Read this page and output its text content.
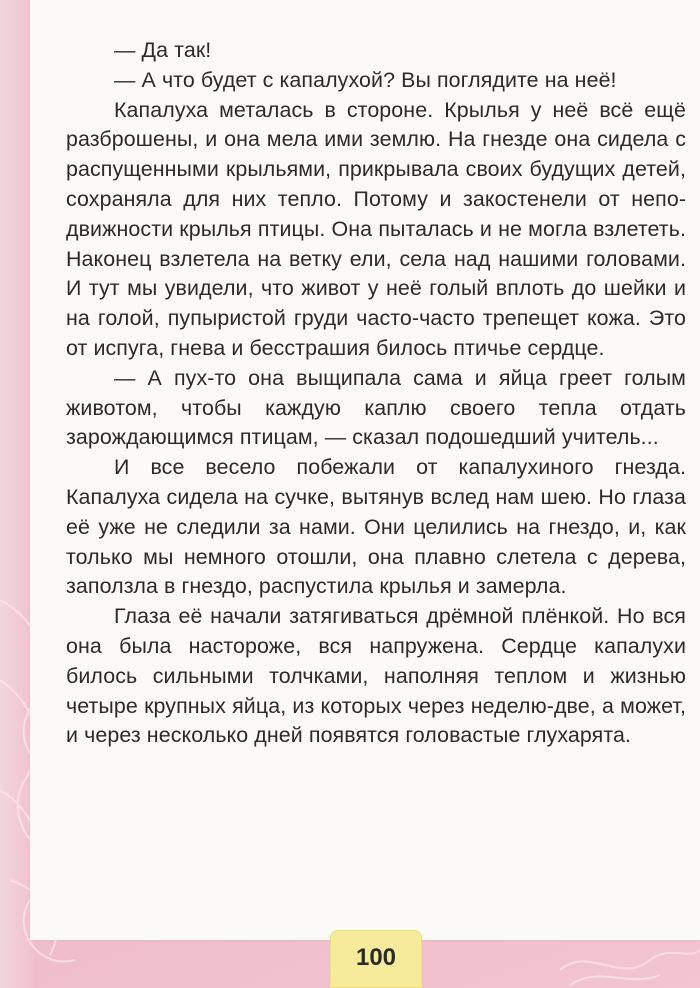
— Да так!

— А что будет с капалухой? Вы поглядите на неё!

Капалуха металась в стороне. Крылья у неё всё ещё разброшены, и она мела ими землю. На гнезде она сидела с распущенными крыльями, прикрывала своих будущих детей, сохраняла для них тепло. Потому и закостенели от неподвижности крылья птицы. Она пыталась и не могла взлететь. Наконец взлетела на ветку ели, села над нашими головами. И тут мы увидели, что живот у неё голый вплоть до шейки и на голой, пупыристой груди часто-часто трепещет кожа. Это от испуга, гнева и бесстрашия билось птичье сердце.

— А пух-то она выщипала сама и яйца греет голым животом, чтобы каждую каплю своего тепла отдать зарождающимся птицам, — сказал подошедший учитель...

И все весело побежали от капалухиного гнезда. Капалуха сидела на сучке, вытянув вслед нам шею. Но глаза её уже не следили за нами. Они целились на гнездо, и, как только мы немного отошли, она плавно слетела с дерева, заползла в гнездо, распустила крылья и замерла.

Глаза её начали затягиваться дрёмной плёнкой. Но вся она была настороже, вся напружена. Сердце капалухи билось сильными толчками, наполняя теплом и жизнью четыре крупных яйца, из которых через неделю-две, а может, и через несколько дней появятся головастые глухарята.

100
